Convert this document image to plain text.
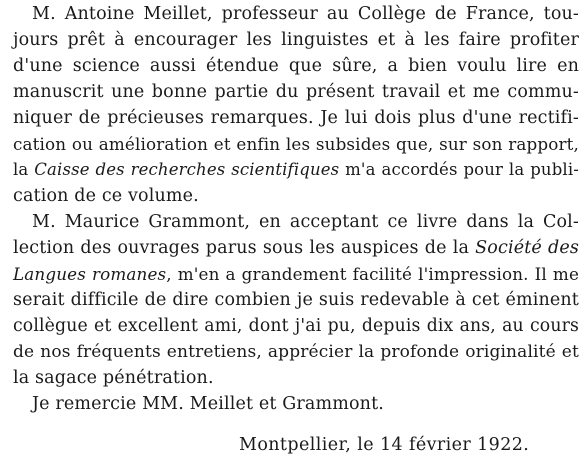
M. Antoine Meillet, professeur au Collège de France, tou-
jours prêt à encourager les linguistes et à les faire profiter
d'une science aussi étendue que sûre, a bien voulu lire en
manuscrit une bonne partie du présent travail et me commu-
niquer de précieuses remarques. Je lui dois plus d'une rectifi-
cation ou amélioration et enfin les subsides que, sur son rapport,
la Caisse des recherches scientifiques m'a accordés pour la publi-
cation de ce volume.
M. Maurice Grammont, en acceptant ce livre dans la Col-
lection des ouvrages parus sous les auspices de la Société des
Langues romanes, m'en a grandement facilité l'impression. Il me
serait difficile de dire combien je suis redevable à cet éminent
collègue et excellent ami, dont j'ai pu, depuis dix ans, au cours
de nos fréquents entretiens, apprécier la profonde originalité et
la sagace pénétration.
Je remercie MM. Meillet et Grammont.
Montpellier, le 14 février 1922.
